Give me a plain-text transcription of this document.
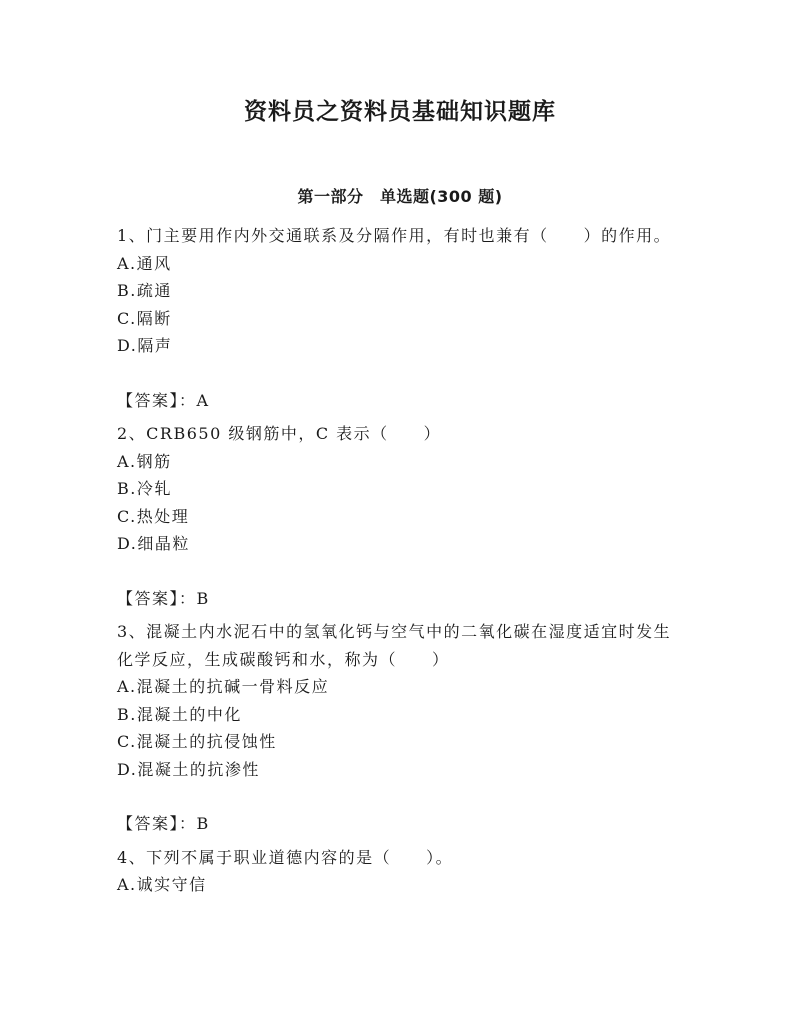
资料员之资料员基础知识题库
第一部分　单选题(300 题)
1、门主要用作内外交通联系及分隔作用，有时也兼有（　　）的作用。
A.通风
B.疏通
C.隔断
D.隔声
【答案】：A
2、CRB650 级钢筋中，C 表示（　　）
A.钢筋
B.冷轧
C.热处理
D.细晶粒
【答案】：B
3、混凝土内水泥石中的氢氧化钙与空气中的二氧化碳在湿度适宜时发生化学反应，生成碳酸钙和水，称为（　　）
A.混凝土的抗碱一骨料反应
B.混凝土的中化
C.混凝土的抗侵蚀性
D.混凝土的抗渗性
【答案】：B
4、下列不属于职业道德内容的是（　　）。
A.诚实守信
